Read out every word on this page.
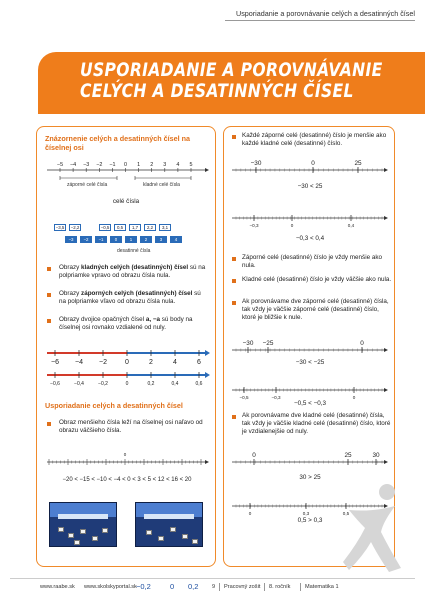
Usporiadanie a porovnávanie celých a desatinných čísel
USPORIADANIE A POROVNÁVANIE
CELÝCH A DESATINNÝCH ČÍSEL
Znázornenie celých a desatinných čísel na číselnej osi
−5 −4 −3 −2 −1 0 1 2 3 4 5
záporné celé čísla	kladné celé čísla
celé čísla
−3,5	−2,2	−0,5	0,5	1,7	2,2	3,1
−3	−2	−1	0	1	2	3	4
desatinné čísla
Obrazy kladných celých (desatinných) čísel sú na polpriamke vpravo od obrazu čísla nula.
Obrazy záporných celých (desatinných) čísel sú na polpriamke vľavo od obrazu čísla nula.
Obrazy dvojice opačných čísel a, −a sú body na číselnej osi rovnako vzdialené od nuly.
−6 −4 −2	0	2	4	6
−0,6	−0,4	−0,2	0	0,2	0,4	0,6
Usporiadanie celých a desatinných čísel
Obraz menšieho čísla leží na číselnej osi naľavo od obrazu väčšieho čísla.
0
−20 < −15 < −10 < −4 < 0 < 3 < 5 < 12 < 16 < 20
Každé záporné celé (desatinné) číslo je menšie ako každé kladné celé (desatinné) číslo.
−30	0	25
−30 < 25
−0,3	0	0,4
−0,3 < 0,4
Záporné celé (desatinné) číslo je vždy menšie ako nula.
Kladné celé (desatinné) číslo je vždy väčšie ako nula.
Ak porovnávame dve záporné celé (desatinné) čísla, tak vždy je väčšie záporné celé (desatinné) číslo, ktoré je bližšie k nule.
−30 −25	0
−30 < −25
−0,5	−0,3	0
−0,5 < −0,3
Ak porovnávame dve kladné celé (desatinné) čísla, tak vždy je väčšie kladné celé (desatinné) číslo, ktoré je vzdialenejšie od nuly.
0	25	30
30 > 25
0	0,3	0,5
0,5 > 0,3
www.raabe.sk www.skolskyportal.sk −0,2	0 0,2 9 Pracovný zošit 8. ročník	Matematika 1
